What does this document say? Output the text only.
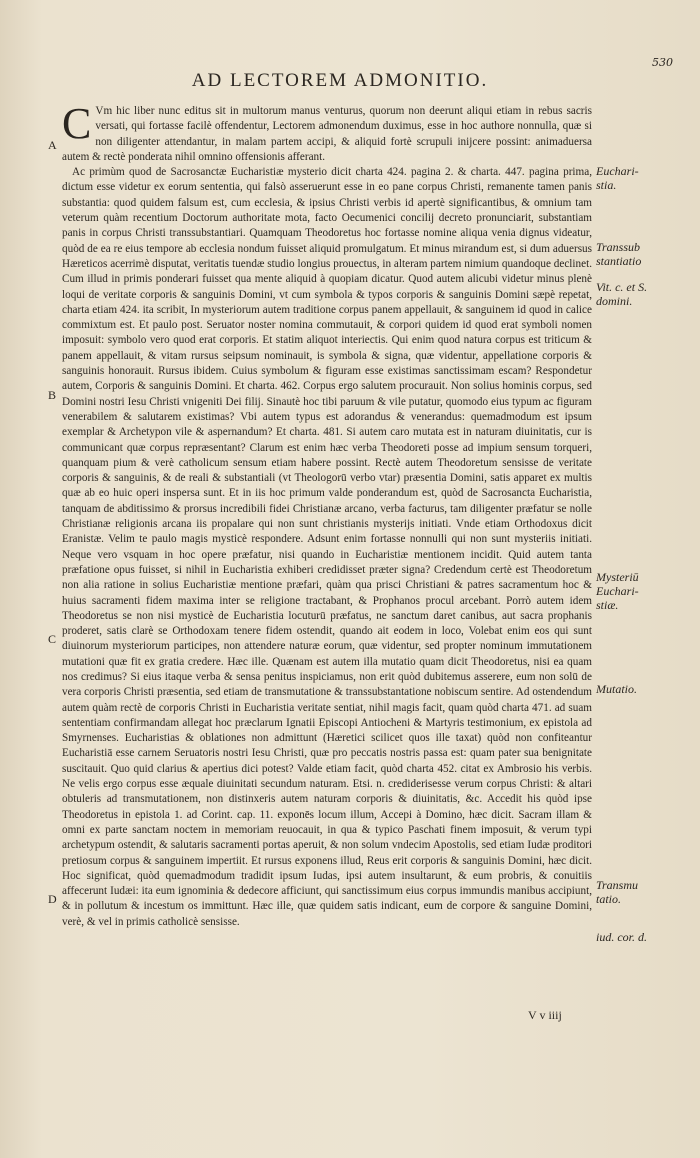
530
AD LECTOREM ADMONITIO.

C Vm hic liber nunc editus sit in multorum manus venturus, quorum non deerunt aliqui etiam in rebus sacris versati, qui fortasse facilè offendentur, Lectorem admonendum duximus, esse in hoc authore nonnulla, quæ si non diligenter attendantur, in malam partem accipi, & aliquid fortè scrupuli inijcere possint: animaduersa autem & rectè ponderata nihil omnino offensionis afferant.

Ac primùm quod de Sacrosanctæ Eucharistiæ mysterio dicit charta 424. pagina 2. & charta. 447. pagina prima, dictum esse videtur ex eorum sententia, qui falsò asseruerunt esse in eo pane corpus Christi, remanente tamen panis substantia: quod quidem falsum est, cum ecclesia, & ipsius Christi verbis id apertè significantibus, & omnium tam veterum quàm recentium Doctorum authoritate mota, facto Oecumenici concilij decreto pronunciarit, substantiam panis in corpus Christi transsubstantiari. Quamquam Theodoretus hoc fortasse nomine aliqua venia dignus videatur, quòd de ea re eius tempore ab ecclesia nondum fuisset aliquid promulgatum. Et minus mirandum est, si dum aduersus Hæreticos acerrimè disputat, veritatis tuendæ studio longius prouectus, in alteram partem nimium quandoque declinet. Cum illud in primis ponderari fuisset qua mente aliquid à quopiam dicatur. Quod autem alicubi videtur minus plenè loqui de veritate corporis & sanguinis Domini, vt cum symbola & typos corporis & sanguinis Domini sæpè repetat, charta etiam 424. ita scribit, In mysteriorum autem traditione corpus panem appellauit, & sanguinem id quod in calice commixtum est. Et paulo post. Seruator noster nomina commutauit, & corpori quidem id quod erat symboli nomen imposuit: symbolo vero quod erat corporis. Et statim aliquot interiectis. Qui enim quod natura corpus est triticum & panem appellauit, & vitam rursus seipsum nominauit, is symbola & signa, quæ videntur, appellatione corporis & sanguinis honorauit. Rursus ibidem. Cuius symbolum & figuram esse existimas sanctissimam escam? Respondetur autem, Corporis & sanguinis Domini. Et charta. 462. Corpus ergo salutem procurauit. Non solius hominis corpus, sed Domini nostri Iesu Christi vnigeniti Dei filij. Sinautè hoc tibi paruum & vile putatur, quomodo eius typum ac figuram venerabilem & salutarem existimas? Vbi autem typus est adorandus & venerandus: quemadmodum est ipsum exemplar & Archetypon vile & aspernandum? Et charta. 481. Si autem caro mutata est in naturam diuinitatis, cur is communicant quæ corpus repræsentant? Clarum est enim hæc verba Theodoreti posse ad impium sensum torqueri, quanquam pium & verè catholicum sensum etiam habere possint. Rectè autem Theodoretum sensisse de veritate corporis & sanguinis, & de reali & substantiali (vt Theologorū verbo vtar) præsentia Domini, satis apparet ex multis quæ ab eo huic operi inspersa sunt. Et in iis hoc primum valde ponderandum est, quòd de Sacrosancta Eucharistia, tanquam de abditissimo & prorsus incredibili fidei Christianæ arcano, verba facturus, tam diligenter præfatur se nolle Christianæ religionis arcana iis propalare qui non sunt christianis mysterijs initiati. Vnde etiam Orthodoxus dicit Eranistæ. Velim te paulo magis mysticè respondere. Adsunt enim fortasse nonnulli qui non sunt mysteriis initiati. Neque vero vsquam in hoc opere præfatur, nisi quando in Eucharistiæ mentionem incidit. Quid autem tanta præfatione opus fuisset, si nihil in Eucharistia exhiberi credidisset præter signa? Credendum certè est Theodoretum non alia ratione in solius Eucharistiæ mentione præfari, quàm qua prisci Christiani & patres sacramentum hoc & huius sacramenti fidem maxima inter se religione tractabant, & Prophanos procul arcebant. Porrò autem idem Theodoretus se non nisi mysticè de Eucharistia locuturū præfatus, ne sanctum daret canibus, aut sacra prophanis proderet, satis clarè se Orthodoxam tenere fidem ostendit, quando ait eodem in loco, Volebat enim eos qui sunt diuinorum mysteriorum participes, non attendere naturæ eorum, quæ videntur, sed propter nominum immutationem mutationi quæ fit ex gratia credere. Hæc ille. Quænam est autem illa mutatio quam dicit Theodoretus, nisi ea quam nos credimus? Si eius itaque verba & sensa penitus inspiciamus, non erit quòd dubitemus asserere, eum non solū de vera corporis Christi præsentia, sed etiam de transmutatione & transsubstantatione nobiscum sentire. Ad ostendendum autem quàm rectè de corporis Christi in Eucharistia veritate sentiat, nihil magis facit, quam quòd charta 471. ad suam sententiam confirmandam allegat hoc præclarum Ignatii Episcopi Antiocheni & Martyris testimonium, ex epistola ad Smyrnenses. Eucharistias & oblationes non admittunt (Hæretici scilicet quos ille taxat) quòd non confiteantur Eucharistiā esse carnem Seruatoris nostri Iesu Christi, quæ pro peccatis nostris passa est: quam pater sua benignitate suscitauit. Quo quid clarius & apertius dici potest? Valde etiam facit, quòd charta 452. citat ex Ambrosio his verbis. Ne velis ergo corpus esse æquale diuinitati secundum naturam. Etsi. n. crediderisesse verum corpus Christi: & altari obtuleris ad transmutationem, non distinxeris autem naturam corporis & diuinitatis, &c. Accedit his quòd ipse Theodoretus in epistola 1. ad Corint. cap. 11. exponēs locum illum, Accepi à Domino, hæc dicit. Sacram illam & omni ex parte sanctam noctem in memoriam reuocauit, in qua & typico Paschati finem imposuit, & verum typi archetypum ostendit, & salutaris sacramenti portas aperuit, & non solum vndecim Apostolis, sed etiam Iudæ proditori pretiosum corpus & sanguinem impertiit. Et rursus exponens illud, Reus erit corporis & sanguinis Domini, hæc dicit. Hoc significat, quòd quemadmodum tradidit ipsum Iudas, ipsi autem insultarunt, & eum probris, & conuitiis affecerunt Iudæi: ita eum ignominia & dedecore afficiunt, qui sanctissimum eius corpus immundis manibus accipiunt, & in pollutum & incestum os immittunt. Hæc ille, quæ quidem satis indicant, eum de corpore & sanguine Domini, verè, & vel in primis catholicè sensisse.

A
B
C
D
Euchari-
stia.
Transsub
stantiatio
Vit. c. et S.
domini.
Mysteriū
Euchari-
stiæ.
Mutatio.
Transmu
tatio.
iud. cor. d.
V v iiij
